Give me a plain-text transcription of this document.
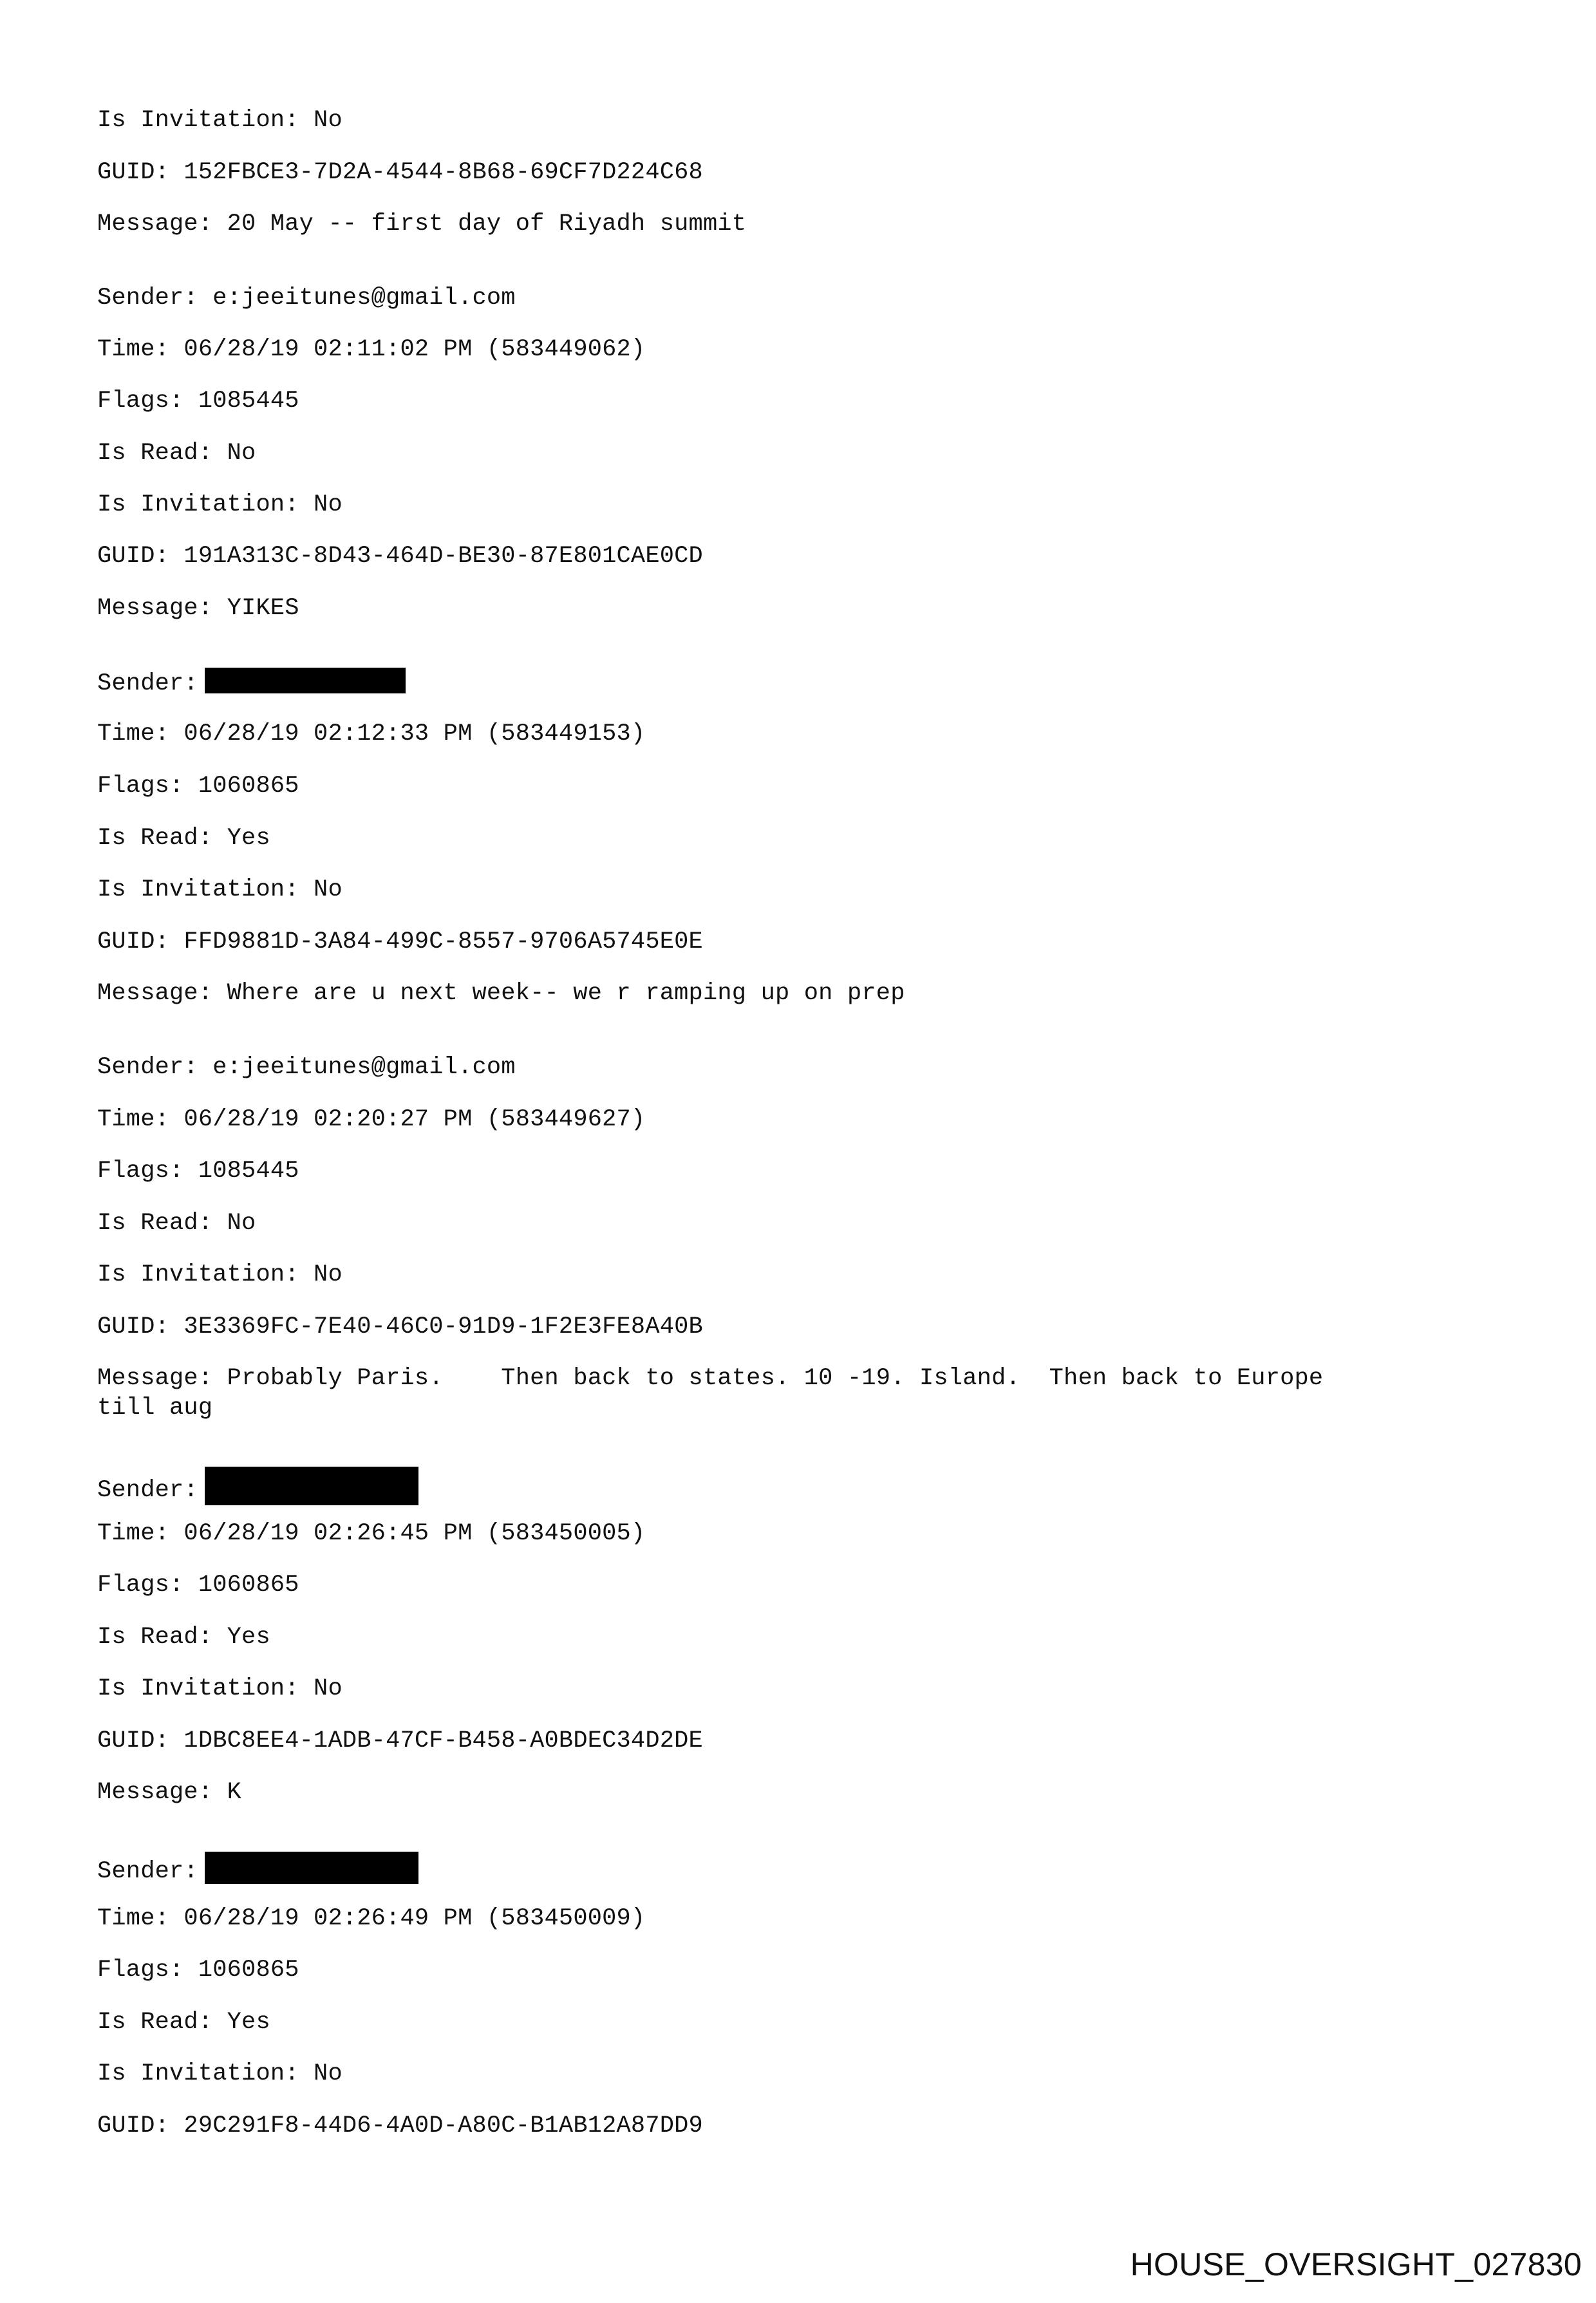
Is Invitation: No
GUID: 152FBCE3-7D2A-4544-8B68-69CF7D224C68
Message: 20 May -- first day of Riyadh summit
Sender: e:jeeitunes@gmail.com
Time: 06/28/19 02:11:02 PM (583449062)
Flags: 1085445
Is Read: No
Is Invitation: No
GUID: 191A313C-8D43-464D-BE30-87E801CAE0CD
Message: YIKES
Sender:
Time: 06/28/19 02:12:33 PM (583449153)
Flags: 1060865
Is Read: Yes
Is Invitation: No
GUID: FFD9881D-3A84-499C-8557-9706A5745E0E
Message: Where are u next week-- we r ramping up on prep
Sender: e:jeeitunes@gmail.com
Time: 06/28/19 02:20:27 PM (583449627)
Flags: 1085445
Is Read: No
Is Invitation: No
GUID: 3E3369FC-7E40-46C0-91D9-1F2E3FE8A40B
Message: Probably Paris.    Then back to states. 10 -19. Island.  Then back to Europe
till aug
Sender:
Time: 06/28/19 02:26:45 PM (583450005)
Flags: 1060865
Is Read: Yes
Is Invitation: No
GUID: 1DBC8EE4-1ADB-47CF-B458-A0BDEC34D2DE
Message: K
Sender:
Time: 06/28/19 02:26:49 PM (583450009)
Flags: 1060865
Is Read: Yes
Is Invitation: No
GUID: 29C291F8-44D6-4A0D-A80C-B1AB12A87DD9
HOUSE_OVERSIGHT_027830
